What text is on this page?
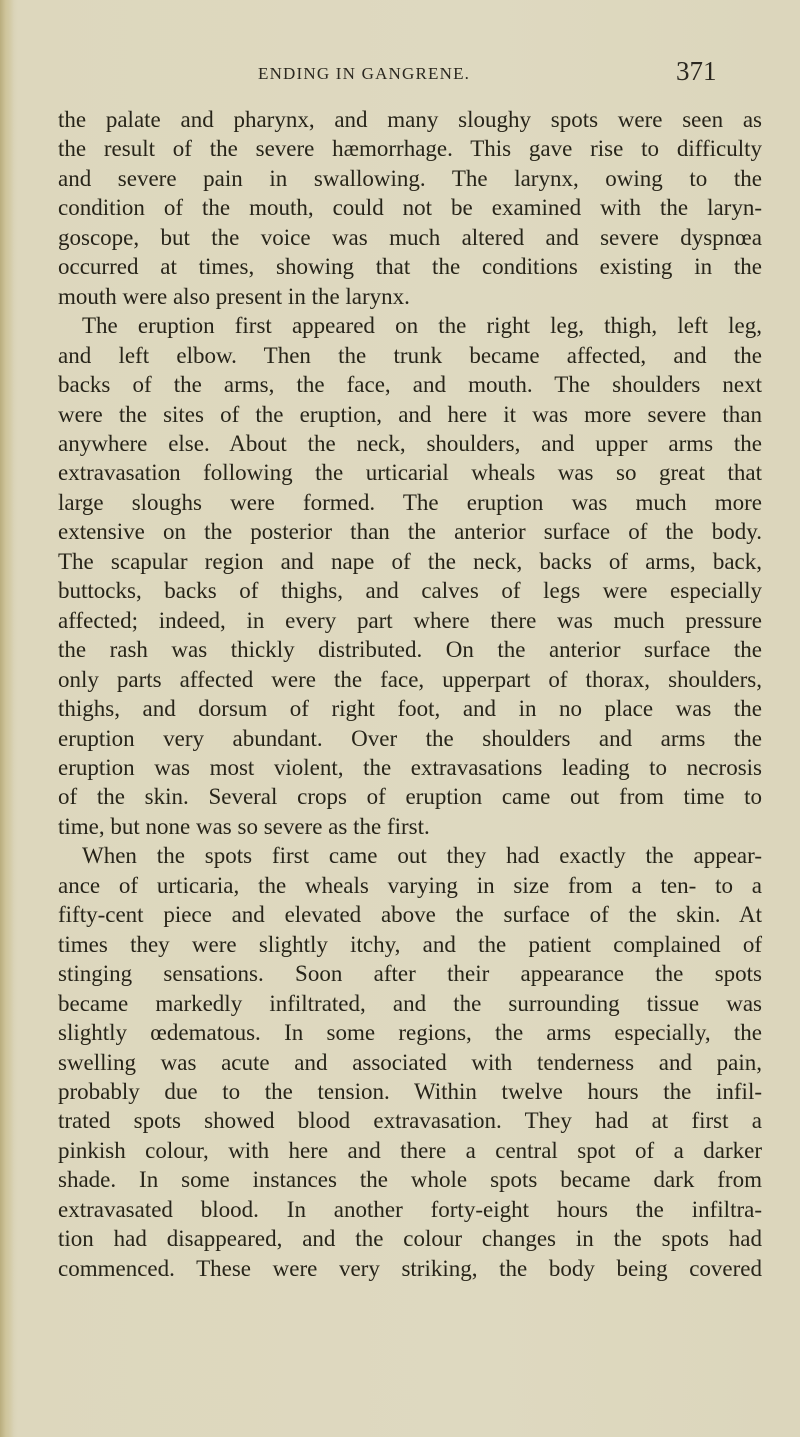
ENDING IN GANGRENE.	371
the palate and pharynx, and many sloughy spots were seen as
the result of the severe hæmorrhage. This gave rise to difficulty
and severe pain in swallowing. The larynx, owing to the
condition of the mouth, could not be examined with the laryn-
goscope, but the voice was much altered and severe dyspnœa
occurred at times, showing that the conditions existing in the
mouth were also present in the larynx.
The eruption first appeared on the right leg, thigh, left leg,
and left elbow. Then the trunk became affected, and the
backs of the arms, the face, and mouth. The shoulders next
were the sites of the eruption, and here it was more severe than
anywhere else. About the neck, shoulders, and upper arms the
extravasation following the urticarial wheals was so great that
large sloughs were formed. The eruption was much more
extensive on the posterior than the anterior surface of the body.
The scapular region and nape of the neck, backs of arms, back,
buttocks, backs of thighs, and calves of legs were especially
affected; indeed, in every part where there was much pressure
the rash was thickly distributed. On the anterior surface the
only parts affected were the face, upperpart of thorax, shoulders,
thighs, and dorsum of right foot, and in no place was the
eruption very abundant. Over the shoulders and arms the
eruption was most violent, the extravasations leading to necrosis
of the skin. Several crops of eruption came out from time to
time, but none was so severe as the first.
When the spots first came out they had exactly the appear-
ance of urticaria, the wheals varying in size from a ten- to a
fifty-cent piece and elevated above the surface of the skin. At
times they were slightly itchy, and the patient complained of
stinging sensations. Soon after their appearance the spots
became markedly infiltrated, and the surrounding tissue was
slightly œdematous. In some regions, the arms especially, the
swelling was acute and associated with tenderness and pain,
probably due to the tension. Within twelve hours the infil-
trated spots showed blood extravasation. They had at first a
pinkish colour, with here and there a central spot of a darker
shade. In some instances the whole spots became dark from
extravasated blood. In another forty-eight hours the infiltra-
tion had disappeared, and the colour changes in the spots had
commenced. These were very striking, the body being covered
